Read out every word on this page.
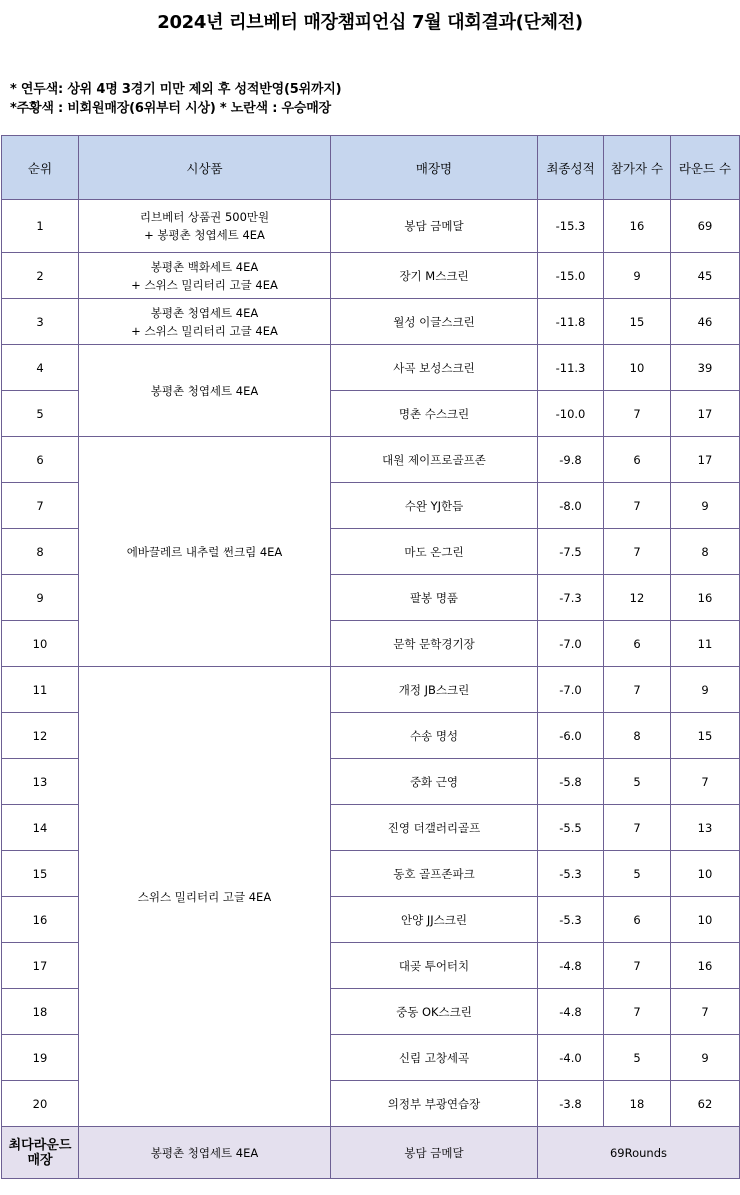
2024년 리브베터 매장챔피언십 7월 대회결과(단체전)
* 연두색: 상위 4명 3경기 미만 제외 후 성적반영(5위까지)
*주황색 : 비회원매장(6위부터 시상) * 노란색 : 우승매장
순위	시상품	매장명	최종성적	참가자 수	라운드 수
1	리브베터 상품권 500만원
+ 봉평촌 청엽세트 4EA	봉담 금메달	-15.3	16	69
2	봉평촌 백화세트 4EA
+ 스위스 밀리터리 고글 4EA	장기 M스크린	-15.0	9	45
3	봉평촌 청엽세트 4EA
+ 스위스 밀리터리 고글 4EA	월성 이글스크린	-11.8	15	46
4	봉평촌 청엽세트 4EA	사곡 보성스크린	-11.3	10	39
5		명촌 수스크린	-10.0	7	17
6	에바끌레르 내추럴 썬크림 4EA	대원 제이프로골프존	-9.8	6	17
7		수완 YJ한듬	-8.0	7	9
8		마도 온그린	-7.5	7	8
9		팔봉 명품	-7.3	12	16
10		문학 문학경기장	-7.0	6	11
11	스위스 밀리터리 고글 4EA	개정 JB스크린	-7.0	7	9
12		수송 명성	-6.0	8	15
13		중화 근영	-5.8	5	7
14		진영 더갤러리골프	-5.5	7	13
15		동호 골프존파크	-5.3	5	10
16		안양 JJ스크린	-5.3	6	10
17		대곶 투어터치	-4.8	7	16
18		중동 OK스크린	-4.8	7	7
19		신림 고창세곡	-4.0	5	9
20		의정부 부광연습장	-3.8	18	62

최다라운드
매장	봉평촌 청엽세트 4EA	봉담 금메달	69Rounds		
